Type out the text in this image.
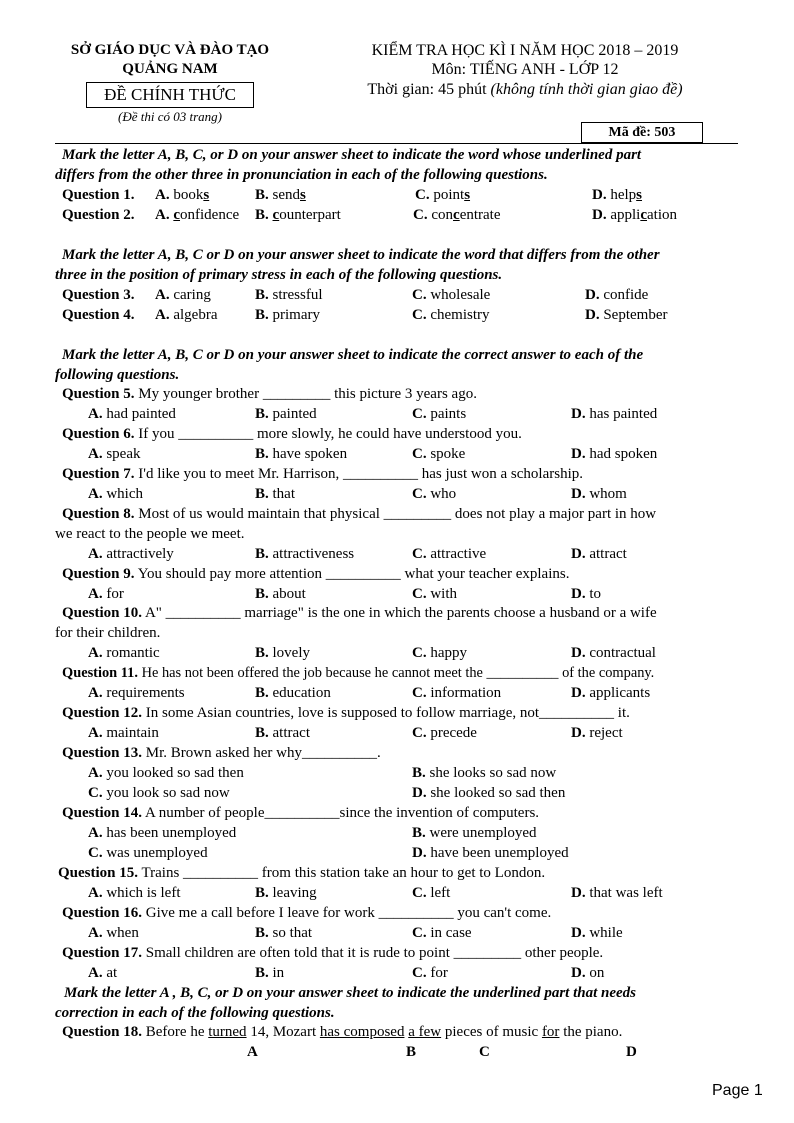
SỞ GIÁO DỤC VÀ ĐÀO TẠO
QUẢNG NAM
ĐỀ CHÍNH THỨC
(Đề thi có 03 trang)
KIỂM TRA HỌC KÌ I NĂM HỌC 2018 – 2019
Môn: TIẾNG ANH - LỚP 12
Thời gian: 45 phút (không tính thời gian giao đề)
Mã đề: 503
Mark the letter A, B, C, or D on your answer sheet to indicate the word whose underlined part
differs from the other three in pronunciation in each of the following questions.
Question 1. A. books	B. sends	C. points	D. helps
Question 2. A. confidence B. counterpart	C. concentrate	D. application
Mark the letter A, B, C or D on your answer sheet to indicate the word that differs from the other
three in the position of primary stress in each of the following questions.
Question 3. A. caring	B. stressful	C. wholesale	D. confide
Question 4. A. algebra	B. primary	C. chemistry	D. September
Mark the letter A, B, C or D on your answer sheet to indicate the correct answer to each of the
following questions.
Question 5. My younger brother _________ this picture 3 years ago.
A. had painted	B. painted	C. paints	D. has painted
Question 6. If you __________ more slowly, he could have understood you.
A. speak	B. have spoken	C. spoke	D. had spoken
Question 7. I'd like you to meet Mr. Harrison, __________ has just won a scholarship.
A. which	B. that	C. who	D. whom
Question 8. Most of us would maintain that physical _________ does not play a major part in how
we react to the people we meet.
A. attractively	B. attractiveness	C. attractive	D. attract
Question 9. You should pay more attention __________ what your teacher explains.
A. for	B. about	C. with	D. to
Question 10. A" __________ marriage" is the one in which the parents choose a husband or a wife
for their children.
A. romantic	B. lovely	C. happy	D. contractual
Question 11. He has not been offered the job because he cannot meet the __________ of the company.
A. requirements	B. education	C. information	D. applicants
Question 12. In some Asian countries, love is supposed to follow marriage, not__________ it.
A. maintain	B. attract	C. precede	D. reject
Question 13. Mr. Brown asked her why__________.
A. you looked so sad then	B. she looks so sad now
C. you look so sad now	D. she looked so sad then
Question 14. A number of people__________since the invention of computers.
A. has been unemployed	B. were unemployed
C. was unemployed	D. have been unemployed
Question 15. Trains __________ from this station take an hour to get to London.
A. which is left	B. leaving	C. left	D. that was left
Question 16. Give me a call before I leave for work __________ you can't come.
A. when	B. so that	C. in case	D. while
Question 17. Small children are often told that it is rude to point _________ other people.
A. at	B. in	C. for	D. on
Mark the letter A , B, C, or D on your answer sheet to indicate the underlined part that needs
correction in each of the following questions.
Question 18. Before he turned 14, Mozart has composed a few pieces of music for the piano.
A	B	C	D
Page 1
